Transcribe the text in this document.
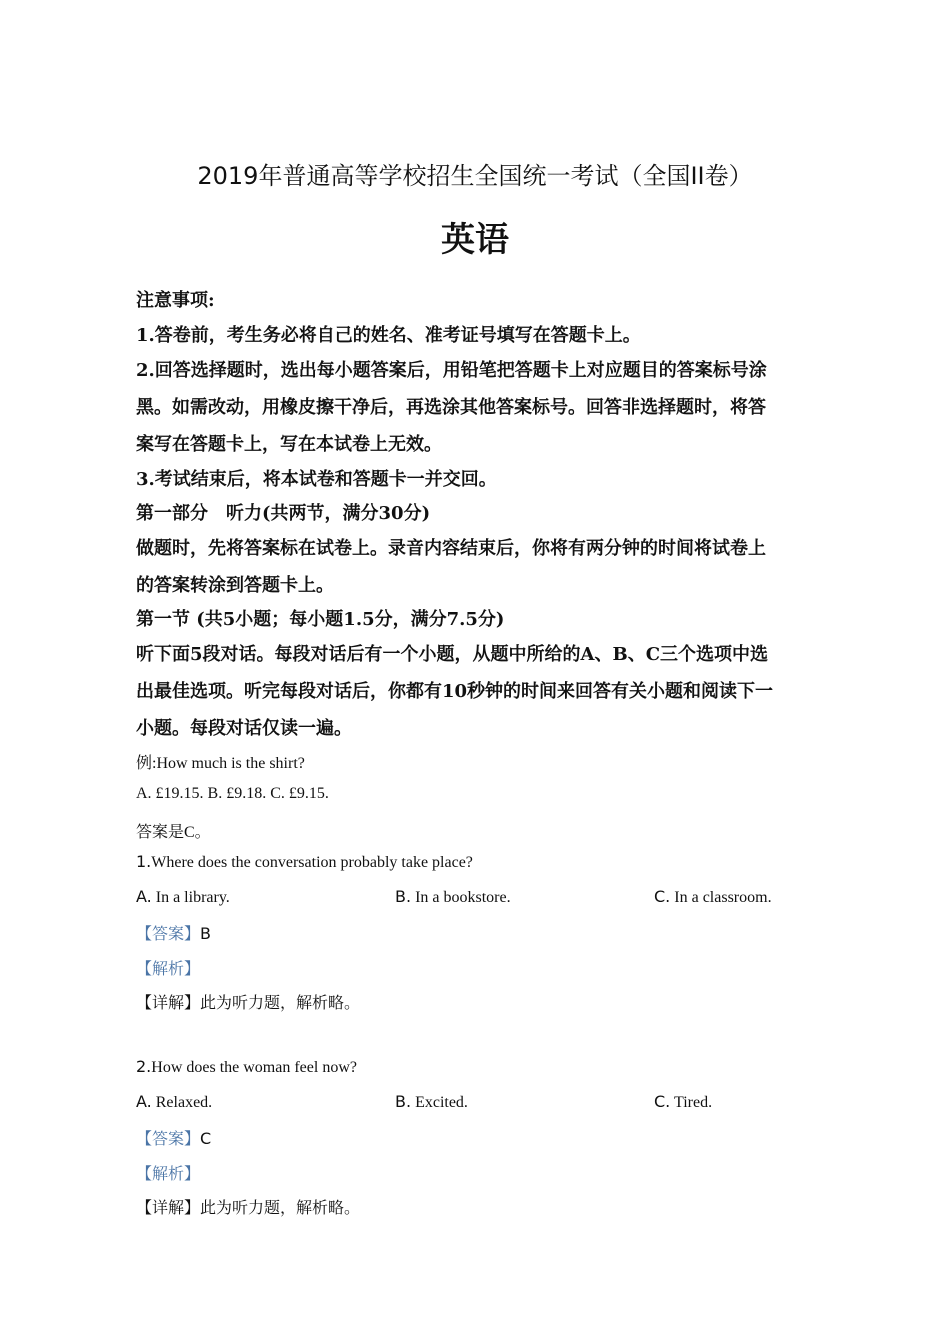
2019年普通高等学校招生全国统一考试（全国II卷）
英语
注意事项:
1.答卷前，考生务必将自己的姓名、准考证号填写在答题卡上。
2.回答选择题时，选出每小题答案后，用铅笔把答题卡上对应题目的答案标号涂
黑。如需改动，用橡皮擦干净后，再选涂其他答案标号。回答非选择题时，将答
案写在答题卡上，写在本试卷上无效。
3.考试结束后，将本试卷和答题卡一并交回。
第一部分　听力(共两节，满分30分)
做题时，先将答案标在试卷上。录音内容结束后，你将有两分钟的时间将试卷上
的答案转涂到答题卡上。
第一节 (共5小题；每小题1.5分，满分7.5分)
听下面5段对话。每段对话后有一个小题，从题中所给的A、B、C三个选项中选
出最佳选项。听完每段对话后，你都有10秒钟的时间来回答有关小题和阅读下一
小题。每段对话仅读一遍。
例:How much is the shirt?
A. £19.15. B. £9.18. C. £9.15.
答案是C。
1.Where does the conversation probably take place?
A. In a library.	B. In a bookstore.	C. In a classroom.
【答案】B
【解析】
【详解】此为听力题，解析略。
2.How does the woman feel now?
A. Relaxed.	B. Excited.	C. Tired.
【答案】C
【解析】
【详解】此为听力题，解析略。
